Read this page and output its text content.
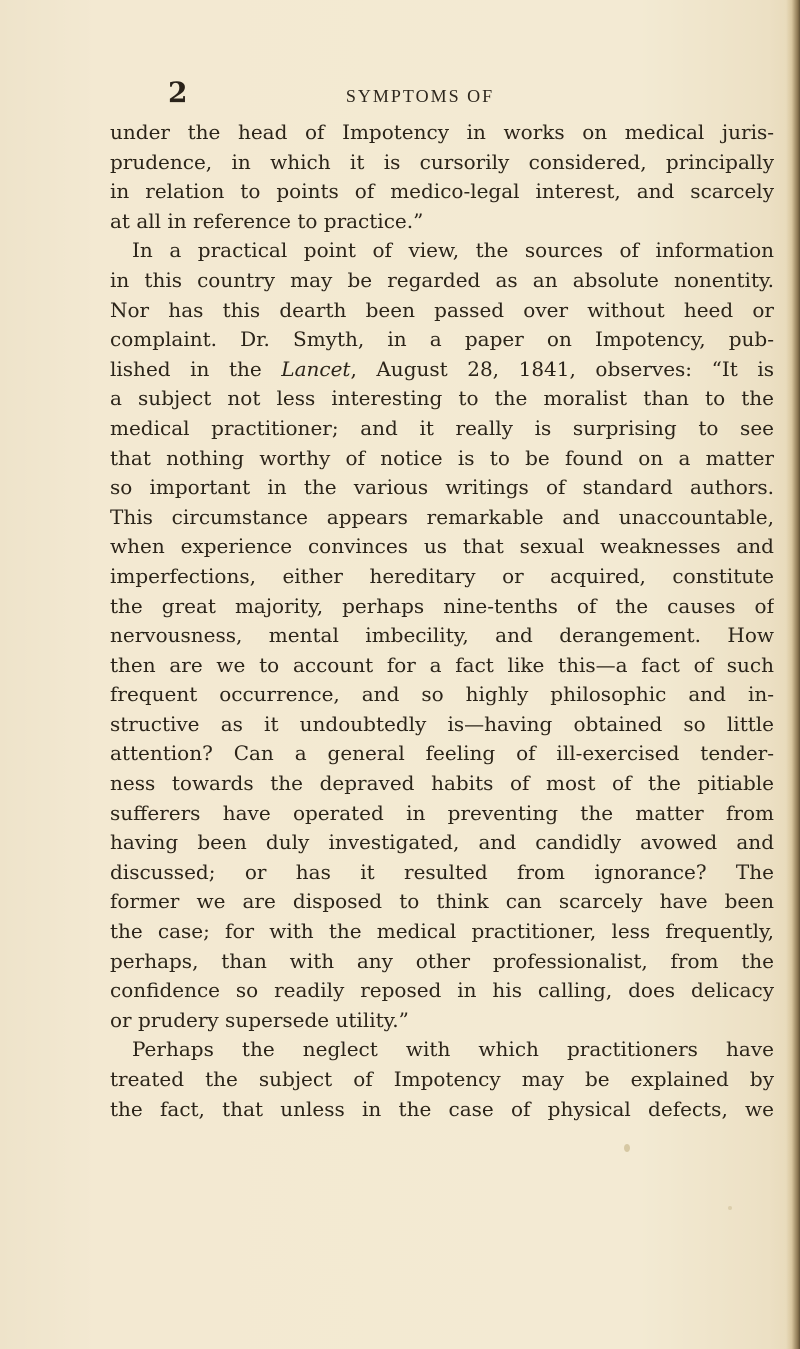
2	SYMPTOMS OF
under the head of Impotency in works on medical juris-
prudence, in which it is cursorily considered, principally
in relation to points of medico-legal interest, and scarcely
at all in reference to practice.”
In a practical point of view, the sources of information
in this country may be regarded as an absolute nonentity.
Nor has this dearth been passed over without heed or
complaint. Dr. Smyth, in a paper on Impotency, pub-
lished in the Lancet, August 28, 1841, observes: “It is
a subject not less interesting to the moralist than to the
medical practitioner; and it really is surprising to see
that nothing worthy of notice is to be found on a matter
so important in the various writings of standard authors.
This circumstance appears remarkable and unaccountable,
when experience convinces us that sexual weaknesses and
imperfections, either hereditary or acquired, constitute
the great majority, perhaps nine-tenths of the causes of
nervousness, mental imbecility, and derangement. How
then are we to account for a fact like this—a fact of such
frequent occurrence, and so highly philosophic and in-
structive as it undoubtedly is—having obtained so little
attention? Can a general feeling of ill-exercised tender-
ness towards the depraved habits of most of the pitiable
sufferers have operated in preventing the matter from
having been duly investigated, and candidly avowed and
discussed; or has it resulted from ignorance? The
former we are disposed to think can scarcely have been
the case; for with the medical practitioner, less frequently,
perhaps, than with any other professionalist, from the
confidence so readily reposed in his calling, does delicacy
or prudery supersede utility.”
Perhaps the neglect with which practitioners have
treated the subject of Impotency may be explained by
the fact, that unless in the case of physical defects, we
